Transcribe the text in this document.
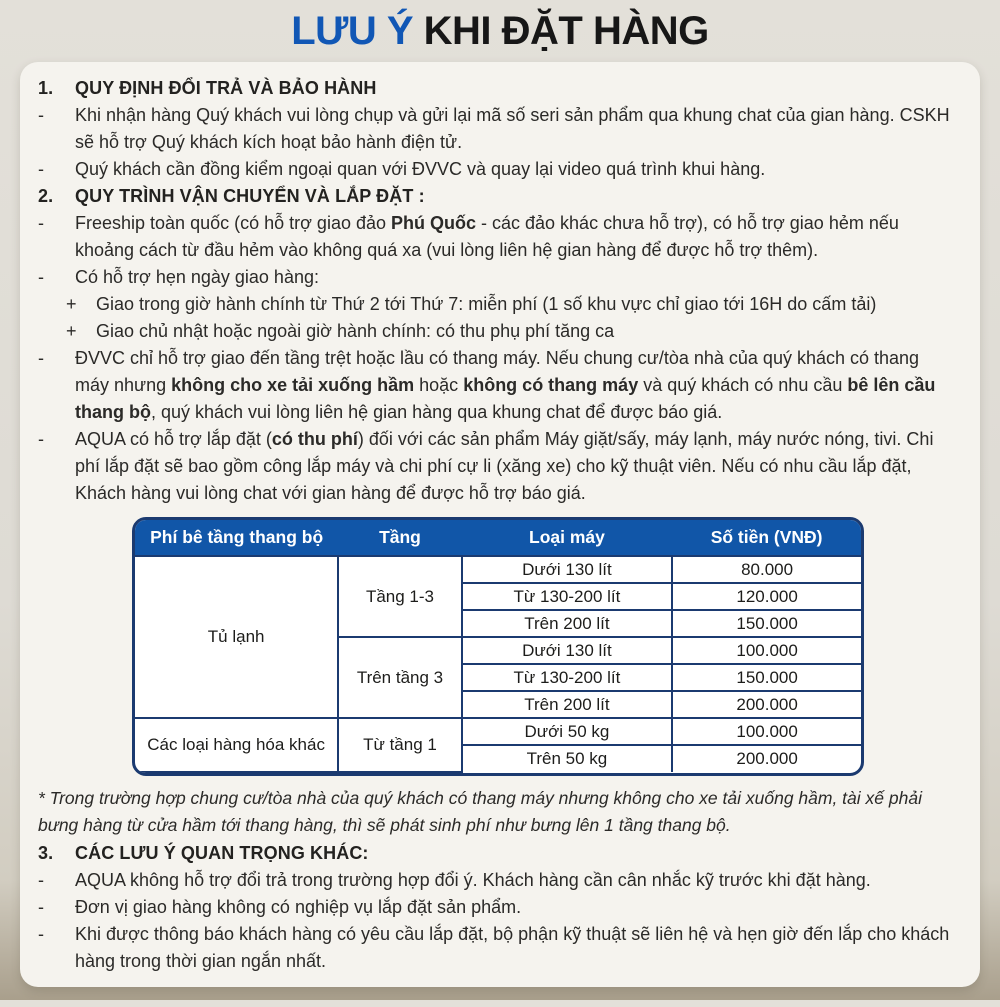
LƯU Ý KHI ĐẶT HÀNG
1.	QUY ĐỊNH ĐỔI TRẢ VÀ BẢO HÀNH
-	Khi nhận hàng Quý khách vui lòng chụp và gửi lại mã số seri sản phẩm qua khung chat của gian hàng. CSKH sẽ hỗ trợ Quý khách kích hoạt bảo hành điện tử.
-	Quý khách cần đồng kiểm ngoại quan với ĐVVC và quay lại video quá trình khui hàng.
2.	QUY TRÌNH VẬN CHUYỂN VÀ LẮP ĐẶT :
-	Freeship toàn quốc (có hỗ trợ giao đảo Phú Quốc - các đảo khác chưa hỗ trợ), có hỗ trợ giao hẻm nếu khoảng cách từ đầu hẻm vào không quá xa (vui lòng liên hệ gian hàng để được hỗ trợ thêm).
-	Có hỗ trợ hẹn ngày giao hàng:
+	Giao trong giờ hành chính từ Thứ 2 tới Thứ 7: miễn phí (1 số khu vực chỉ giao tới 16H do cấm tải)
+	Giao chủ nhật hoặc ngoài giờ hành chính: có thu phụ phí tăng ca
-	ĐVVC chỉ hỗ trợ giao đến tầng trệt hoặc lầu có thang máy. Nếu chung cư/tòa nhà của quý khách có thang máy nhưng không cho xe tải xuống hầm hoặc không có thang máy và quý khách có nhu cầu bê lên cầu thang bộ, quý khách vui lòng liên hệ gian hàng qua khung chat để được báo giá.
-	AQUA có hỗ trợ lắp đặt (có thu phí) đối với các sản phẩm Máy giặt/sấy, máy lạnh, máy nước nóng, tivi. Chi phí lắp đặt sẽ bao gồm công lắp máy và chi phí cự li (xăng xe) cho kỹ thuật viên. Nếu có nhu cầu lắp đặt, Khách hàng vui lòng chat với gian hàng để được hỗ trợ báo giá.
Phí bê tầng thang bộ	Tầng	Loại máy	Số tiền (VNĐ)
Tủ lạnh	Tầng 1-3	Dưới 130 lít	80.000
		Từ 130-200 lít	120.000
		Trên 200 lít	150.000
	Trên tầng 3	Dưới 130 lít	100.000
		Từ 130-200 lít	150.000
		Trên 200 lít	200.000
Các loại hàng hóa khác	Từ tầng 1	Dưới 50 kg	100.000
		Trên 50 kg	200.000
* Trong trường hợp chung cư/tòa nhà của quý khách có thang máy nhưng không cho xe tải xuống hầm, tài xế phải bưng hàng từ cửa hầm tới thang hàng, thì sẽ phát sinh phí như bưng lên 1 tầng thang bộ.
3.	CÁC LƯU Ý QUAN TRỌNG KHÁC:
-	AQUA không hỗ trợ đổi trả trong trường hợp đổi ý. Khách hàng cần cân nhắc kỹ trước khi đặt hàng.
-	Đơn vị giao hàng không có nghiệp vụ lắp đặt sản phẩm.
-	Khi được thông báo khách hàng có yêu cầu lắp đặt, bộ phận kỹ thuật sẽ liên hệ và hẹn giờ đến lắp cho khách hàng trong thời gian ngắn nhất.
